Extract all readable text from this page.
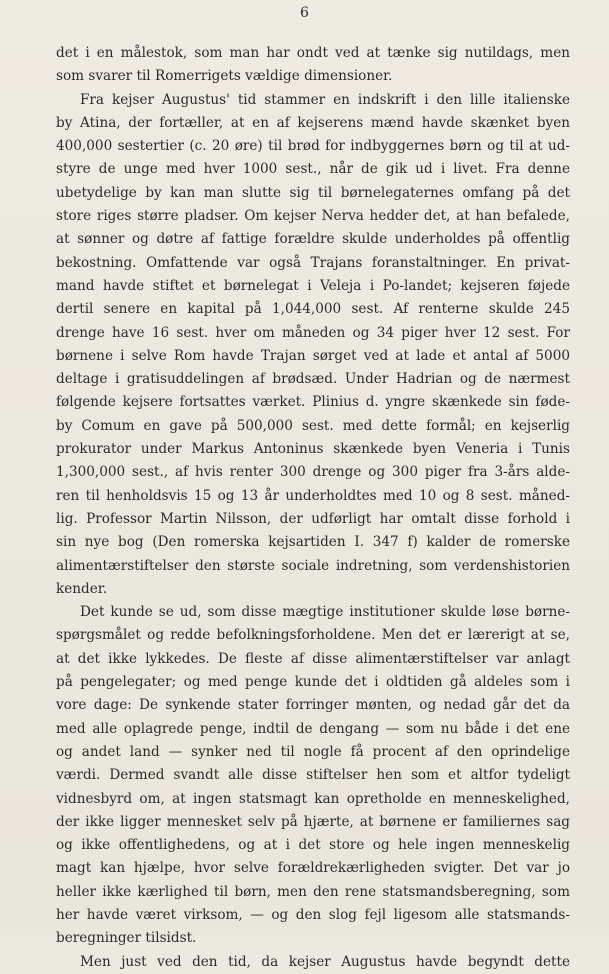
6
det i en målestok, som man har ondt ved at tænke sig nutildags, men
som svarer til Romerrigets vældige dimensioner.
Fra kejser Augustus' tid stammer en indskrift i den lille italienske
by Atina, der fortæller, at en af kejserens mænd havde skænket byen
400,000 sestertier (c. 20 øre) til brød for indbyggernes børn og til at ud-
styre de unge med hver 1000 sest., når de gik ud i livet. Fra denne
ubetydelige by kan man slutte sig til børnelegaternes omfang på det
store riges større pladser. Om kejser Nerva hedder det, at han befalede,
at sønner og døtre af fattige forældre skulde underholdes på offentlig
bekostning. Omfattende var også Trajans foranstaltninger. En privat-
mand havde stiftet et børnelegat i Veleja i Po-landet; kejseren føjede
dertil senere en kapital på 1,044,000 sest. Af renterne skulde 245
drenge have 16 sest. hver om måneden og 34 piger hver 12 sest. For
børnene i selve Rom havde Trajan sørget ved at lade et antal af 5000
deltage i gratisuddelingen af brødsæd. Under Hadrian og de nærmest
følgende kejsere fortsattes værket. Plinius d. yngre skænkede sin føde-
by Comum en gave på 500,000 sest. med dette formål; en kejserlig
prokurator under Markus Antoninus skænkede byen Veneria i Tunis
1,300,000 sest., af hvis renter 300 drenge og 300 piger fra 3-års alde-
ren til henholdsvis 15 og 13 år underholdtes med 10 og 8 sest. måned-
lig. Professor Martin Nilsson, der udførligt har omtalt disse forhold i
sin nye bog (Den romerska kejsartiden I. 347 f) kalder de romerske
alimentærstiftelser den største sociale indretning, som verdenshistorien
kender.
Det kunde se ud, som disse mægtige institutioner skulde løse børne-
spørgsmålet og redde befolkningsforholdene. Men det er lærerigt at se,
at det ikke lykkedes. De fleste af disse alimentærstiftelser var anlagt
på pengelegater; og med penge kunde det i oldtiden gå aldeles som i
vore dage: De synkende stater forringer mønten, og nedad går det da
med alle oplagrede penge, indtil de dengang — som nu både i det ene
og andet land — synker ned til nogle få procent af den oprindelige
værdi. Dermed svandt alle disse stiftelser hen som et altfor tydeligt
vidnesbyrd om, at ingen statsmagt kan opretholde en menneskelighed,
der ikke ligger mennesket selv på hjærte, at børnene er familiernes sag
og ikke offentlighedens, og at i det store og hele ingen menneskelig
magt kan hjælpe, hvor selve forældrekærligheden svigter. Det var jo
heller ikke kærlighed til børn, men den rene statsmandsberegning, som
her havde været virksom, — og den slog fejl ligesom alle statsmands-
beregninger tilsidst.
Men just ved den tid, da kejser Augustus havde begyndt dette
